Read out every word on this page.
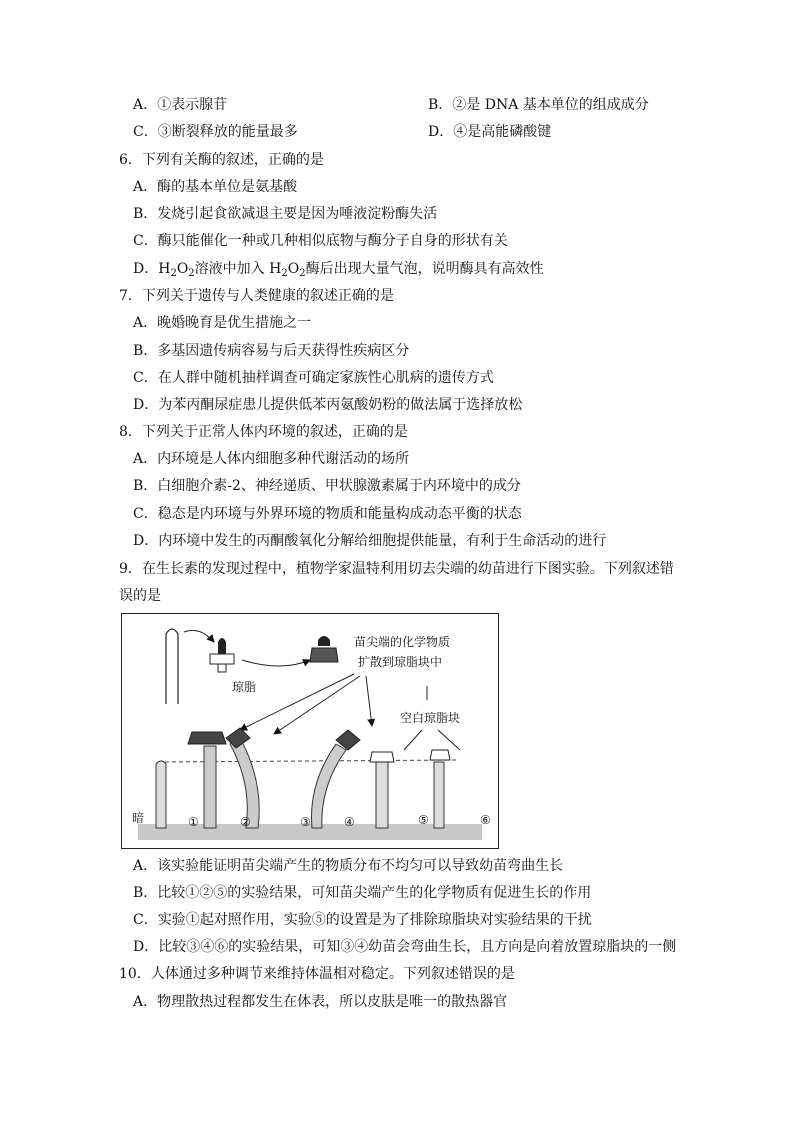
A．①表示腺苷	B．②是 DNA 基本单位的组成成分
C．③断裂释放的能量最多	D．④是高能磷酸键
6．下列有关酶的叙述，正确的是
A．酶的基本单位是氨基酸
B．发烧引起食欲减退主要是因为唾液淀粉酶失活
C．酶只能催化一种或几种相似底物与酶分子自身的形状有关
D．$H_2O_2$溶液中加入 $H_2O_2$酶后出现大量气泡，说明酶具有高效性
7．下列关于遗传与人类健康的叙述正确的是
A．晚婚晚育是优生措施之一
B．多基因遗传病容易与后天获得性疾病区分
C．在人群中随机抽样调查可确定家族性心肌病的遗传方式
D．为苯丙酮尿症患儿提供低苯丙氨酸奶粉的做法属于选择放松
8．下列关于正常人体内环境的叙述，正确的是
A．内环境是人体内细胞多种代谢活动的场所
B．白细胞介素-2、神经递质、甲状腺激素属于内环境中的成分
C．稳态是内环境与外界环境的物质和能量构成动态平衡的状态
D．内环境中发生的丙酮酸氧化分解给细胞提供能量，有利于生命活动的进行
9．在生长素的发现过程中，植物学家温特利用切去尖端的幼苗进行下图实验。下列叙述错
误的是
琼脂
苗尖端的化学物质
扩散到琼脂块中
空白琼脂块
暗	①	②	③	④	⑤	⑥
A．该实验能证明苗尖端产生的物质分布不均匀可以导致幼苗弯曲生长
B．比较①②⑤的实验结果，可知苗尖端产生的化学物质有促进生长的作用
C．实验①起对照作用，实验⑤的设置是为了排除琼脂块对实验结果的干扰
D．比较③④⑥的实验结果，可知③④幼苗会弯曲生长，且方向是向着放置琼脂块的一侧
10．人体通过多种调节来维持体温相对稳定。下列叙述错误的是
A．物理散热过程都发生在体表，所以皮肤是唯一的散热器官
